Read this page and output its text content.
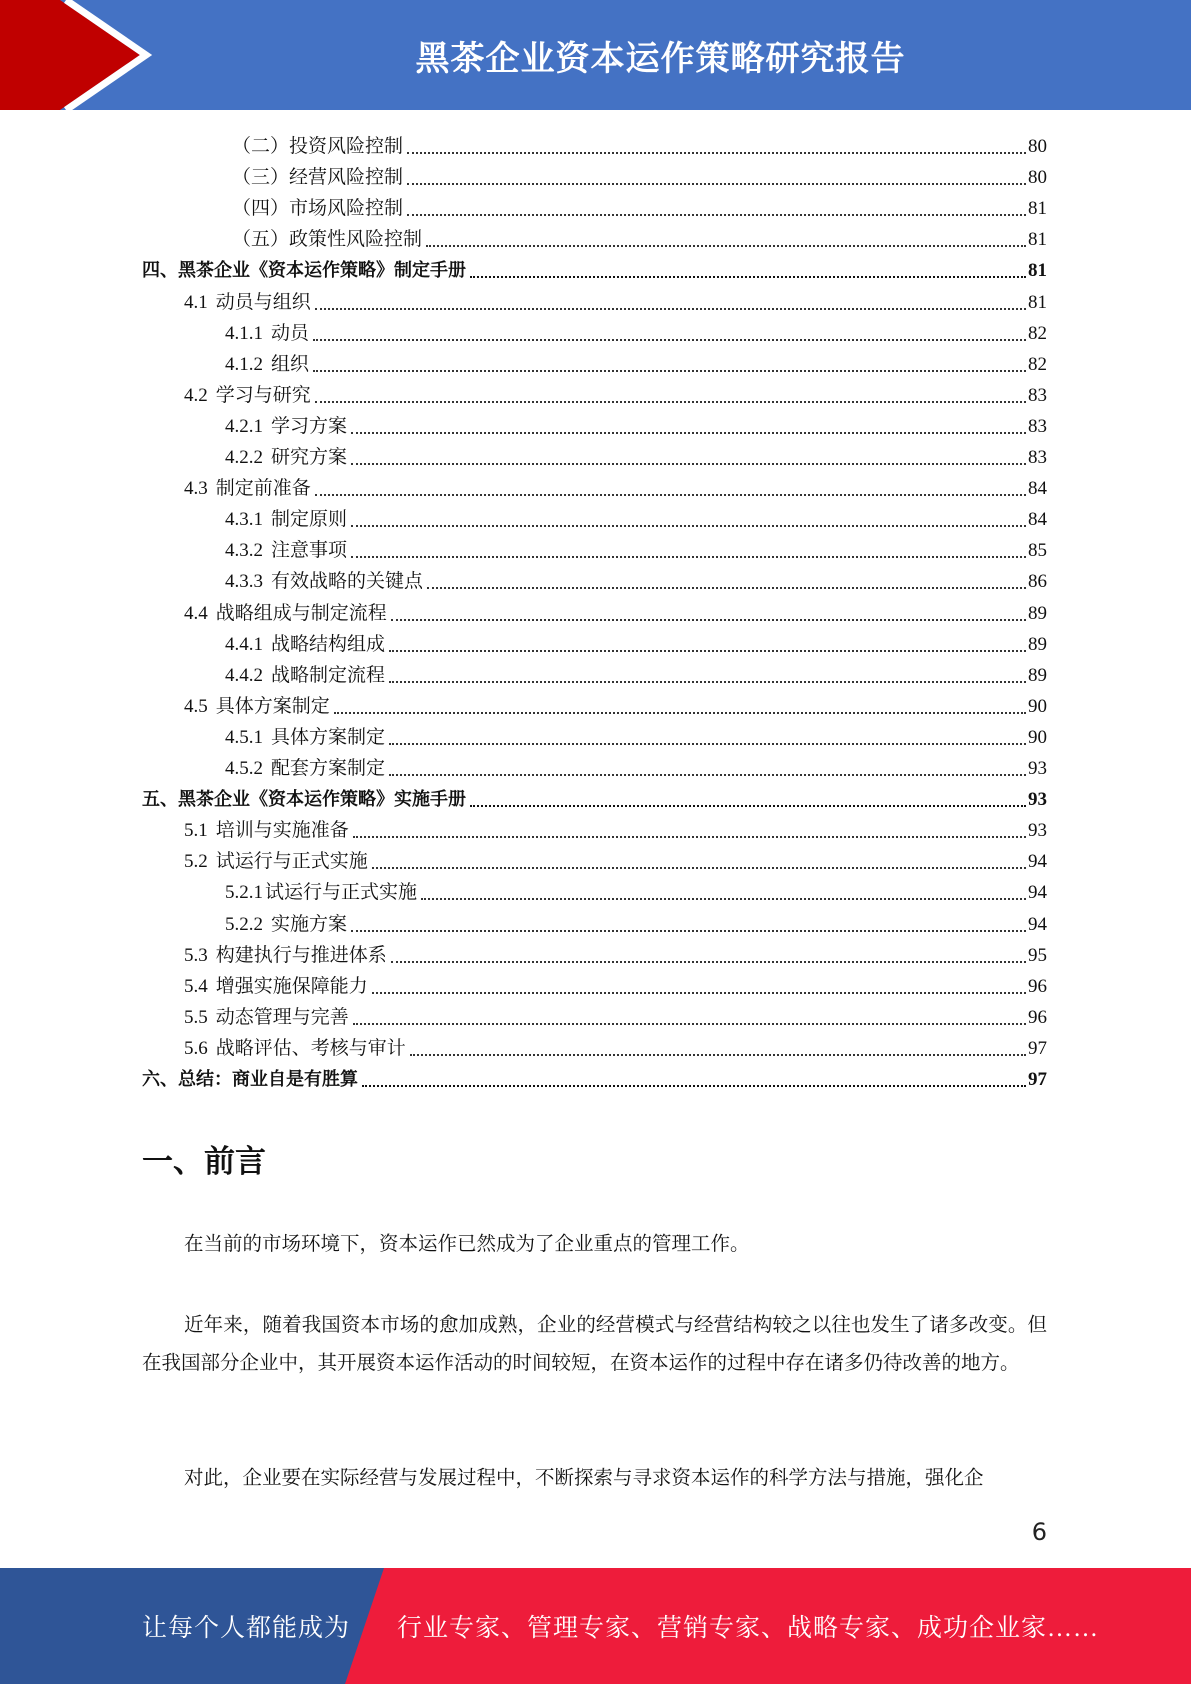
黑茶企业资本运作策略研究报告
（二）投资风险控制	80
（三）经营风险控制	80
（四）市场风险控制	81
（五）政策性风险控制	81
四、黑茶企业《资本运作策略》制定手册	81
4.1 动员与组织	81
4.1.1 动员	82
4.1.2 组织	82
4.2 学习与研究	83
4.2.1 学习方案	83
4.2.2 研究方案	83
4.3 制定前准备	84
4.3.1 制定原则	84
4.3.2 注意事项	85
4.3.3 有效战略的关键点	86
4.4 战略组成与制定流程	89
4.4.1 战略结构组成	89
4.4.2 战略制定流程	89
4.5 具体方案制定	90
4.5.1 具体方案制定	90
4.5.2 配套方案制定	93
五、黑茶企业《资本运作策略》实施手册	93
5.1 培训与实施准备	93
5.2 试运行与正式实施	94
5.2.1 试运行与正式实施	94
5.2.2 实施方案	94
5.3 构建执行与推进体系	95
5.4 增强实施保障能力	96
5.5 动态管理与完善	96
5.6 战略评估、考核与审计	97
六、总结：商业自是有胜算	97
一、前言

在当前的市场环境下，资本运作已然成为了企业重点的管理工作。

近年来，随着我国资本市场的愈加成熟，企业的经营模式与经营结构较之以往也发生了诸多改变。但在我国部分企业中，其开展资本运作活动的时间较短，在资本运作的过程中存在诸多仍待改善的地方。

对此，企业要在实际经营与发展过程中，不断探索与寻求资本运作的科学方法与措施，强化企

6
让每个人都能成为 行业专家、管理专家、营销专家、战略专家、成功企业家……
